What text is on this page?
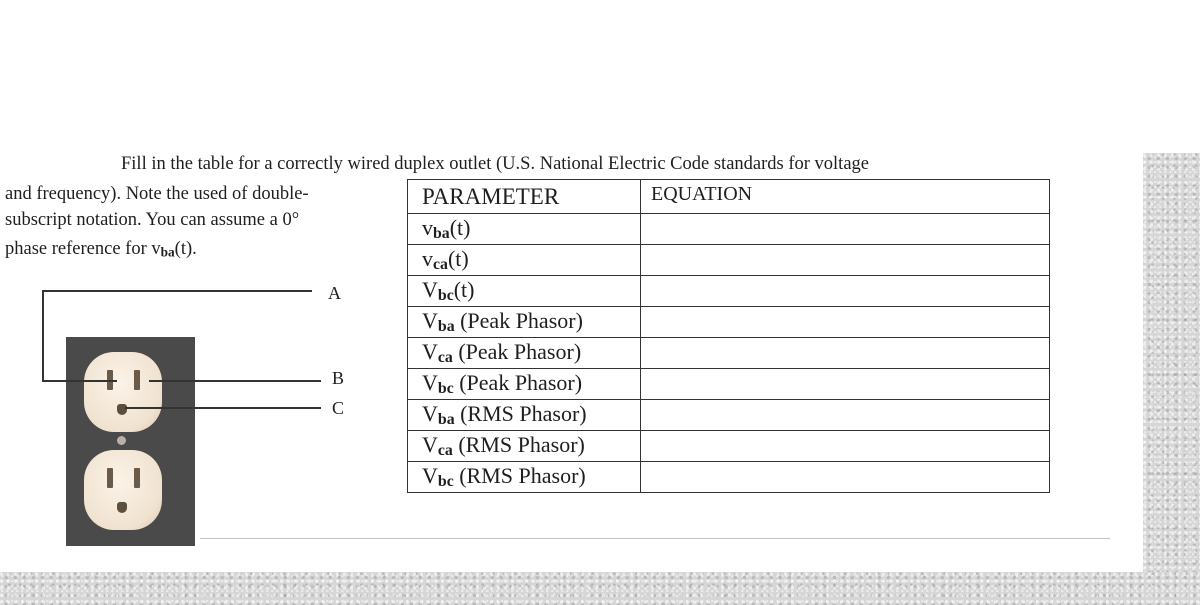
Fill in the table for a correctly wired duplex outlet (U.S. National Electric Code standards for voltage
and frequency). Note the used of double-
subscript notation. You can assume a 0°
phase reference for $v_{ba}(t)$.
PARAMETER	EQUATION
$v_{ba}(t)$	
$v_{ca}(t)$	
$V_{bc}(t)$	
$V_{ba}$ (Peak Phasor)	
$V_{ca}$ (Peak Phasor)	
$V_{bc}$ (Peak Phasor)	
$V_{ba}$ (RMS Phasor)	
$V_{ca}$ (RMS Phasor)	
$V_{bc}$ (RMS Phasor)	
A
B
C
